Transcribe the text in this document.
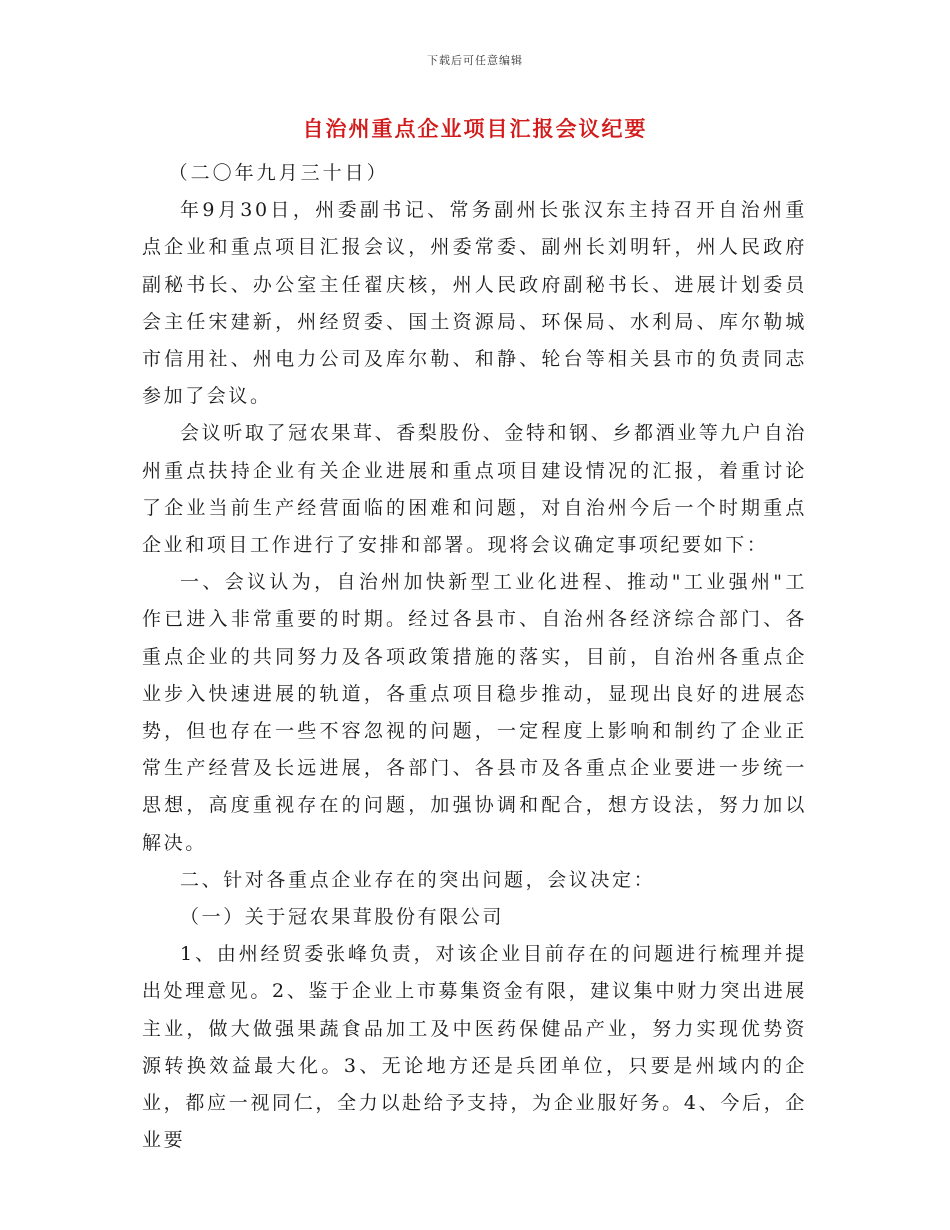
下载后可任意编辑
自治州重点企业项目汇报会议纪要

（二〇年九月三十日）

年9月30日，州委副书记、常务副州长张汉东主持召开自治州重点企业和重点项目汇报会议，州委常委、副州长刘明轩，州人民政府副秘书长、办公室主任翟庆核，州人民政府副秘书长、进展计划委员会主任宋建新，州经贸委、国土资源局、环保局、水利局、库尔勒城市信用社、州电力公司及库尔勒、和静、轮台等相关县市的负责同志参加了会议。

会议听取了冠农果茸、香梨股份、金特和钢、乡都酒业等九户自治州重点扶持企业有关企业进展和重点项目建设情况的汇报，着重讨论了企业当前生产经营面临的困难和问题，对自治州今后一个时期重点企业和项目工作进行了安排和部署。现将会议确定事项纪要如下：

一、会议认为，自治州加快新型工业化进程、推动"工业强州"工作已进入非常重要的时期。经过各县市、自治州各经济综合部门、各重点企业的共同努力及各项政策措施的落实，目前，自治州各重点企业步入快速进展的轨道，各重点项目稳步推动，显现出良好的进展态势，但也存在一些不容忽视的问题，一定程度上影响和制约了企业正常生产经营及长远进展，各部门、各县市及各重点企业要进一步统一思想，高度重视存在的问题，加强协调和配合，想方设法，努力加以解决。

二、针对各重点企业存在的突出问题，会议决定：

（一）关于冠农果茸股份有限公司

1、由州经贸委张峰负责，对该企业目前存在的问题进行梳理并提出处理意见。2、鉴于企业上市募集资金有限，建议集中财力突出进展主业，做大做强果蔬食品加工及中医药保健品产业，努力实现优势资源转换效益最大化。3、无论地方还是兵团单位，只要是州域内的企业，都应一视同仁，全力以赴给予支持，为企业服好务。4、今后，企业要
